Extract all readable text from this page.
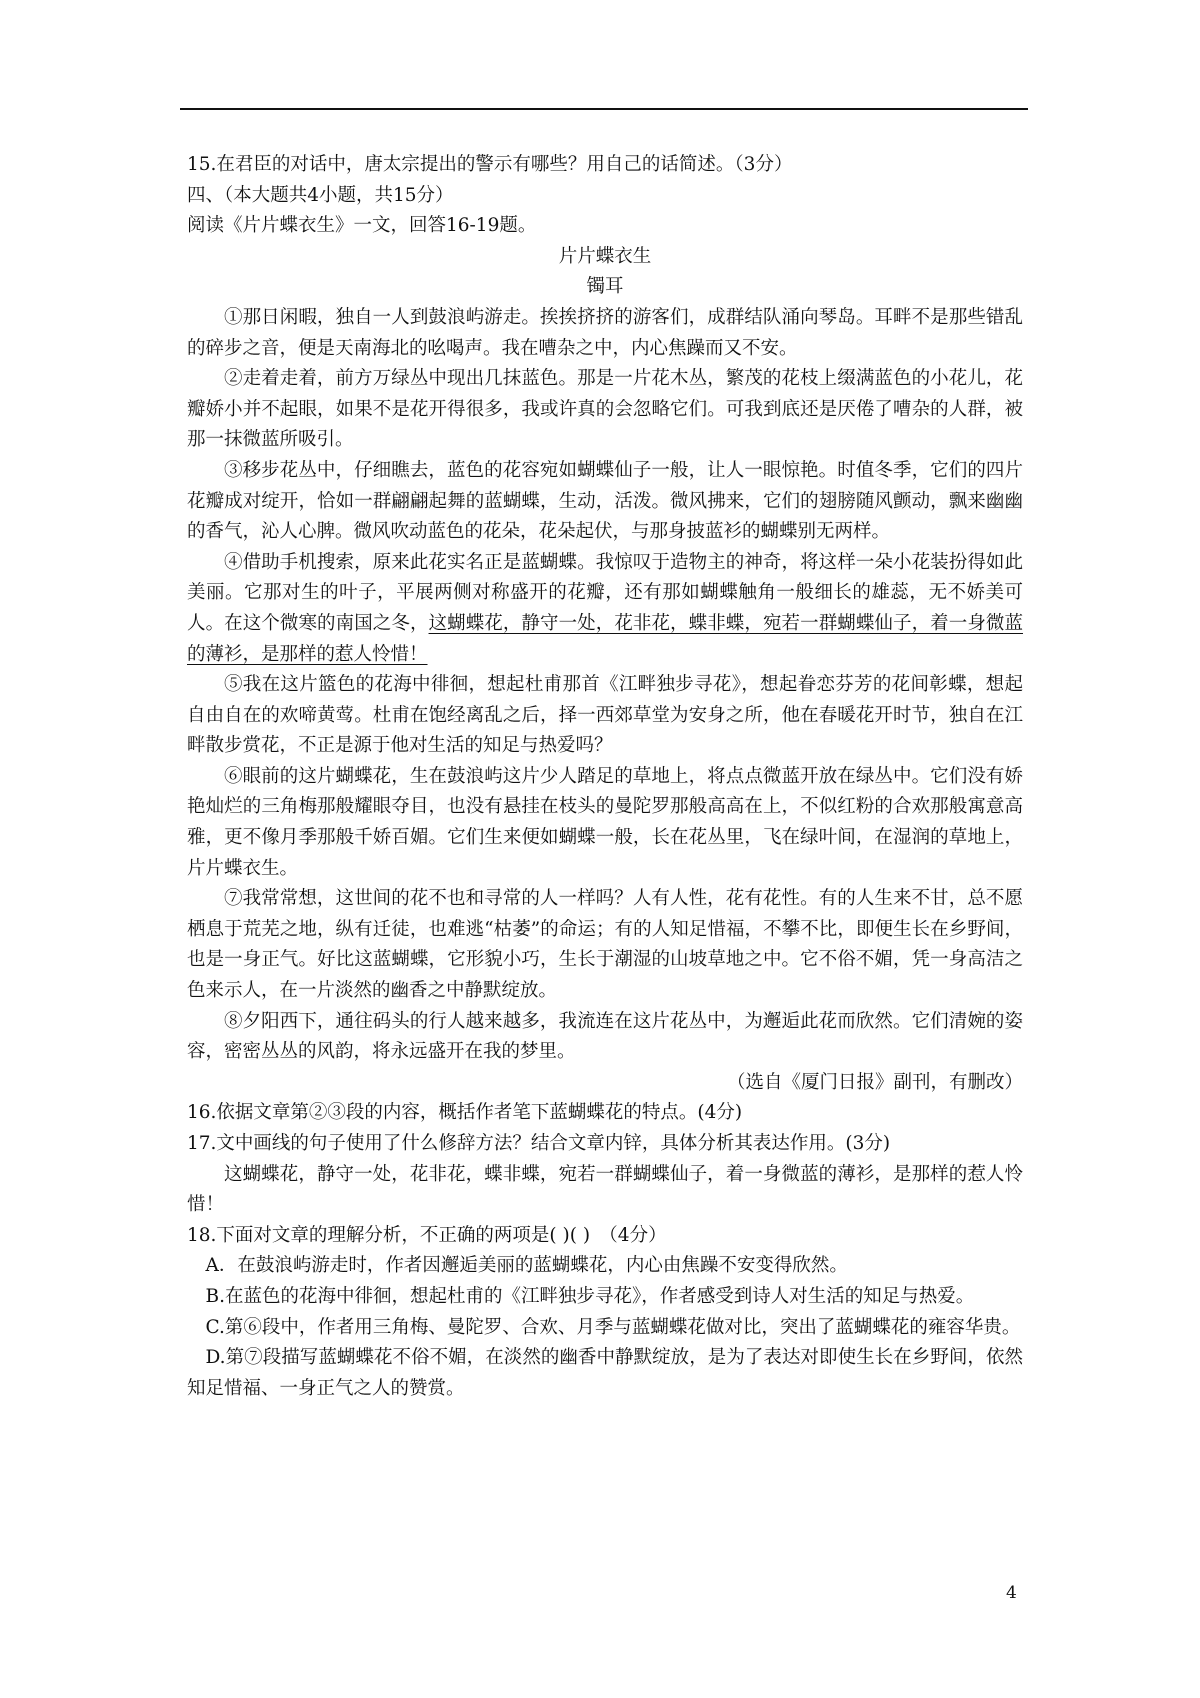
15.在君臣的对话中，唐太宗提出的警示有哪些？用自己的话简述。（3分）

四、（本大题共4小题，共15分）

阅读《片片蝶衣生》一文，回答16-19题。

片片蝶衣生

镯耳

①那日闲暇，独自一人到鼓浪屿游走。挨挨挤挤的游客们，成群结队涌向琴岛。耳畔不是那些错乱的碎步之音，便是天南海北的吆喝声。我在嘈杂之中，内心焦躁而又不安。

②走着走着，前方万绿丛中现出几抹蓝色。那是一片花木丛，繁茂的花枝上缀满蓝色的小花儿，花瓣娇小并不起眼，如果不是花开得很多，我或许真的会忽略它们。可我到底还是厌倦了嘈杂的人群，被那一抹微蓝所吸引。

③移步花丛中，仔细瞧去，蓝色的花容宛如蝴蝶仙子一般，让人一眼惊艳。时值冬季，它们的四片花瓣成对绽开，恰如一群翩翩起舞的蓝蝴蝶，生动，活泼。微风拂来，它们的翅膀随风颤动，飘来幽幽的香气，沁人心脾。微风吹动蓝色的花朵，花朵起伏，与那身披蓝衫的蝴蝶别无两样。

④借助手机搜索，原来此花实名正是蓝蝴蝶。我惊叹于造物主的神奇，将这样一朵小花装扮得如此美丽。它那对生的叶子，平展两侧对称盛开的花瓣，还有那如蝴蝶触角一般细长的雄蕊，无不娇美可人。在这个微寒的南国之冬，这蝴蝶花，静守一处，花非花，蝶非蝶，宛若一群蝴蝶仙子，着一身微蓝的薄衫，是那样的惹人怜惜！

⑤我在这片篮色的花海中徘徊，想起杜甫那首《江畔独步寻花》，想起眷恋芬芳的花间彰蝶，想起自由自在的欢啼黄莺。杜甫在饱经离乱之后，择一西郊草堂为安身之所，他在春暖花开时节，独自在江畔散步赏花，不正是源于他对生活的知足与热爱吗？

⑥眼前的这片蝴蝶花，生在鼓浪屿这片少人踏足的草地上，将点点微蓝开放在绿丛中。它们没有娇艳灿烂的三角梅那般耀眼夺目，也没有悬挂在枝头的曼陀罗那般高高在上，不似红粉的合欢那般寓意高雅，更不像月季那般千娇百媚。它们生来便如蝴蝶一般，长在花丛里，飞在绿叶间，在湿润的草地上，片片蝶衣生。

⑦我常常想，这世间的花不也和寻常的人一样吗？人有人性，花有花性。有的人生来不甘，总不愿栖息于荒芜之地，纵有迁徒，也难逃“枯萎”的命运；有的人知足惜福，不攀不比，即便生长在乡野间，也是一身正气。好比这蓝蝴蝶，它形貌小巧，生长于潮湿的山坡草地之中。它不俗不媚，凭一身高洁之色来示人，在一片淡然的幽香之中静默绽放。

⑧夕阳西下，通往码头的行人越来越多，我流连在这片花丛中，为邂逅此花而欣然。它们清婉的姿容，密密丛丛的风韵，将永远盛开在我的梦里。

（选自《厦门日报》副刊，有删改）

16.依据文章第②③段的内容，概括作者笔下蓝蝴蝶花的特点。(4分)

17.文中画线的句子使用了什么修辞方法？结合文章内锌，具体分析其表达作用。(3分)

这蝴蝶花，静守一处，花非花，蝶非蝶，宛若一群蝴蝶仙子，着一身微蓝的薄衫，是那样的惹人怜惜！

18.下面对文章的理解分析，不正确的两项是( )( )　（4分）

A．在鼓浪屿游走时，作者因邂逅美丽的蓝蝴蝶花，内心由焦躁不安变得欣然。

B.在蓝色的花海中徘徊，想起杜甫的《江畔独步寻花》，作者感受到诗人对生活的知足与热爱。

C.第⑥段中，作者用三角梅、曼陀罗、合欢、月季与蓝蝴蝶花做对比，突出了蓝蝴蝶花的雍容华贵。

D.第⑦段描写蓝蝴蝶花不俗不媚，在淡然的幽香中静默绽放，是为了表达对即使生长在乡野间，依然知足惜福、一身正气之人的赞赏。

4
